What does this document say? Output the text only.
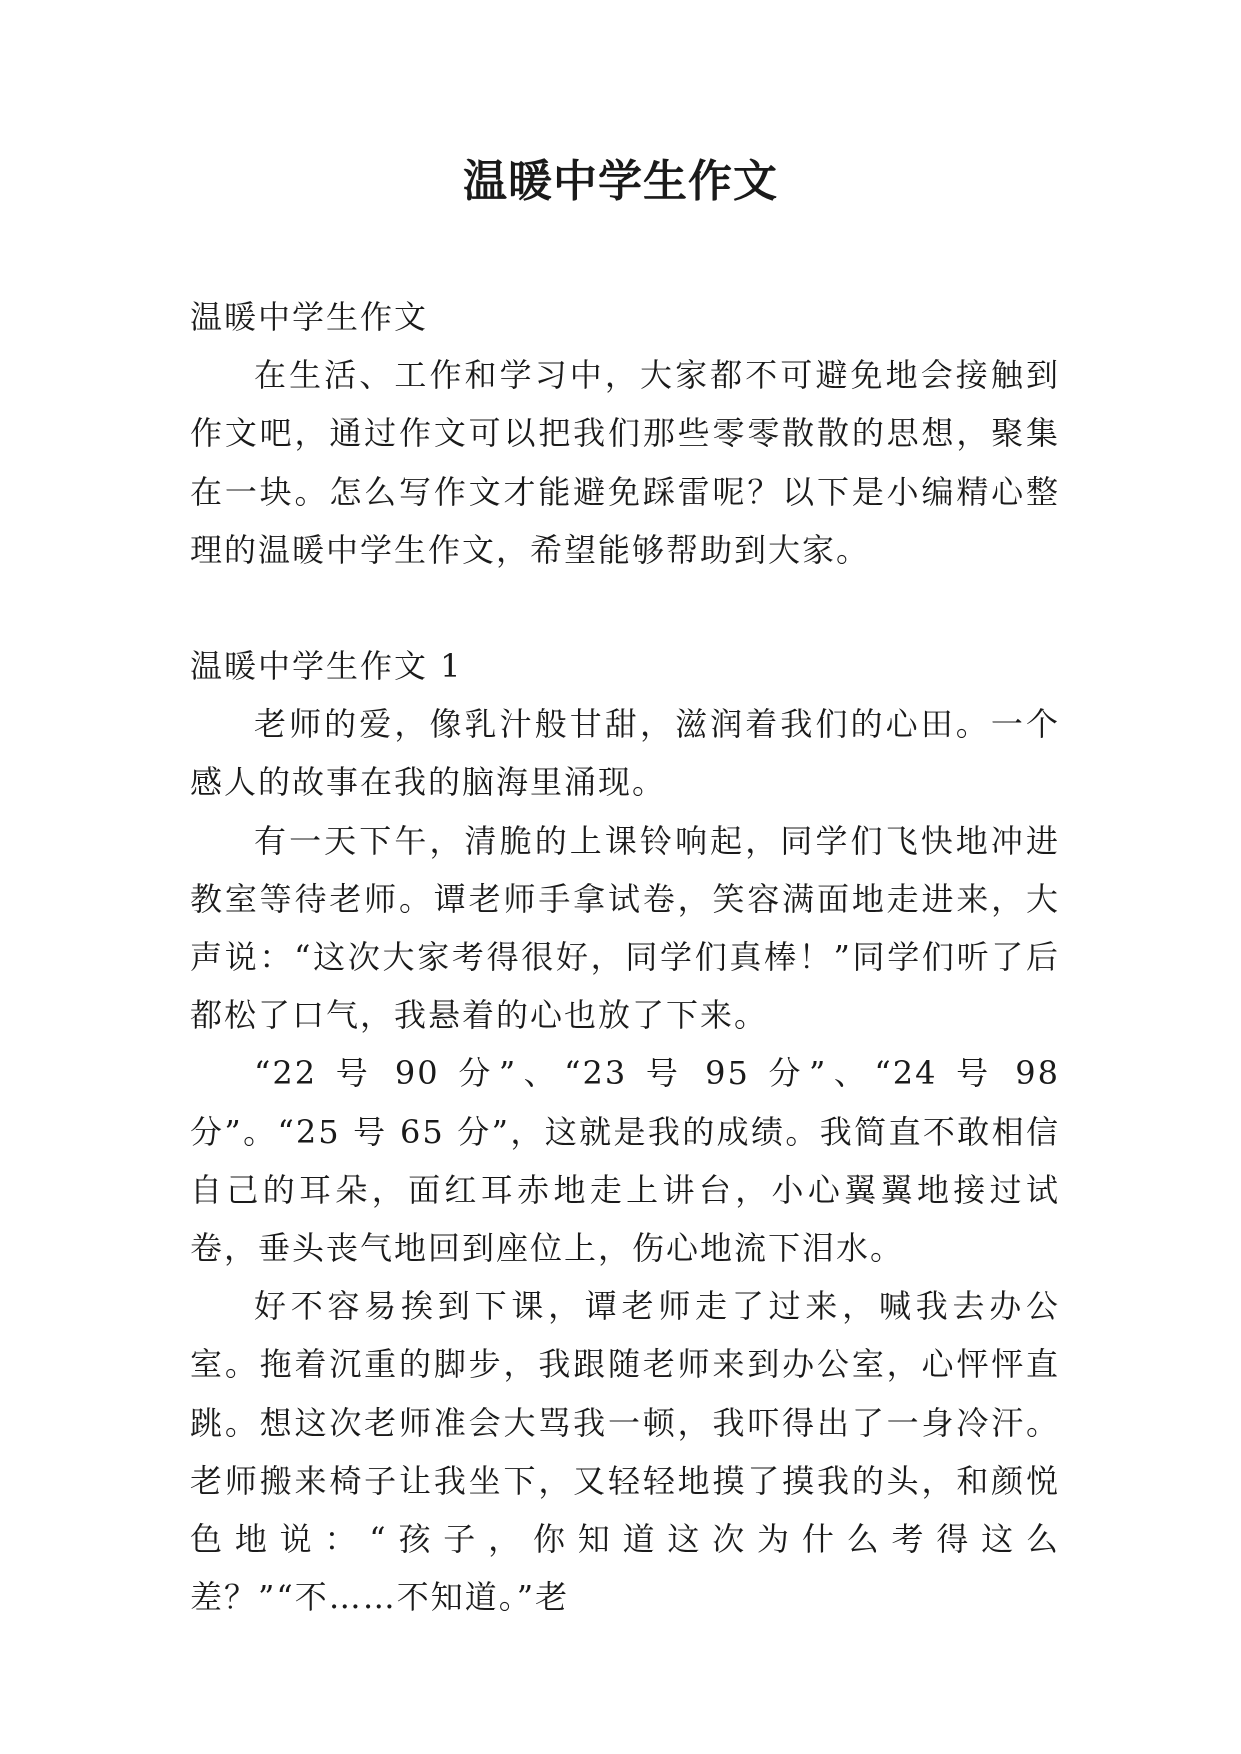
温暖中学生作文

温暖中学生作文

在生活、工作和学习中，大家都不可避免地会接触到作文吧，通过作文可以把我们那些零零散散的思想，聚集在一块。怎么写作文才能避免踩雷呢？以下是小编精心整理的温暖中学生作文，希望能够帮助到大家。

温暖中学生作文 1

老师的爱，像乳汁般甘甜，滋润着我们的心田。一个感人的故事在我的脑海里涌现。

有一天下午，清脆的上课铃响起，同学们飞快地冲进教室等待老师。谭老师手拿试卷，笑容满面地走进来，大声说：“这次大家考得很好，同学们真棒！”同学们听了后都松了口气，我悬着的心也放了下来。

“22 号 90 分”、“23 号 95 分”、“24 号 98 分”。“25 号 65 分”，这就是我的成绩。我简直不敢相信自己的耳朵，面红耳赤地走上讲台，小心翼翼地接过试卷，垂头丧气地回到座位上，伤心地流下泪水。

好不容易挨到下课，谭老师走了过来，喊我去办公室。拖着沉重的脚步，我跟随老师来到办公室，心怦怦直跳。想这次老师准会大骂我一顿，我吓得出了一身冷汗。老师搬来椅子让我坐下，又轻轻地摸了摸我的头，和颜悦色地说：“孩子，你知道这次为什么考得这么差？”“不……不知道。”老
